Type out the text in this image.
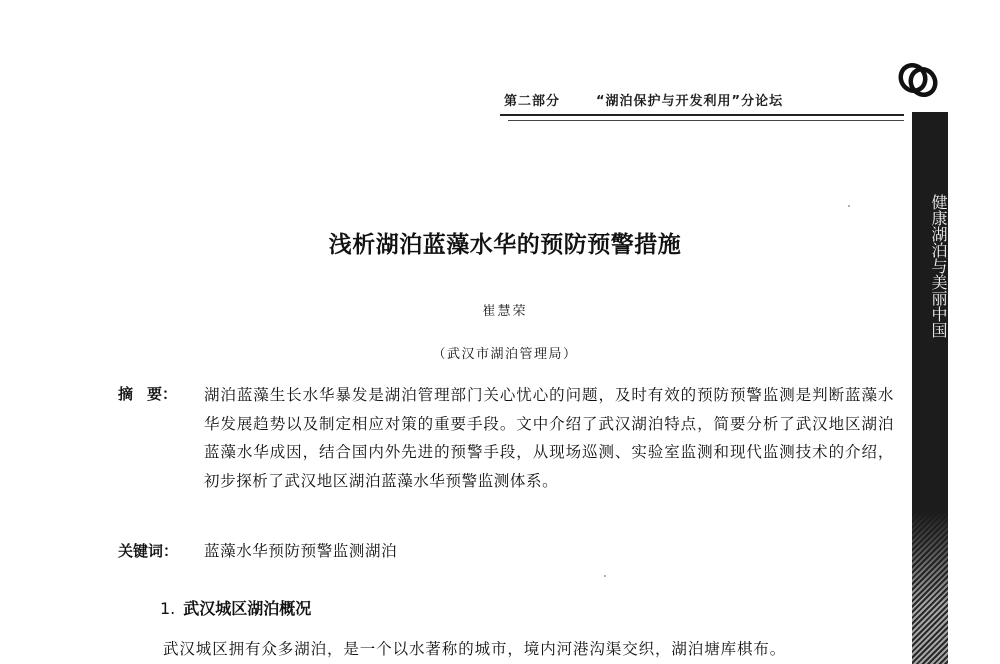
第二部分	“湖泊保护与开发利用”分论坛
健康湖泊与美丽中国
浅析湖泊蓝藻水华的预防预警措施
崔慧荣
（武汉市湖泊管理局）
摘 要： 湖泊蓝藻生长水华暴发是湖泊管理部门关心忧心的问题，及时有效的预防预警监测是判断蓝藻水华发展趋势以及制定相应对策的重要手段。文中介绍了武汉湖泊特点，简要分析了武汉地区湖泊蓝藻水华成因，结合国内外先进的预警手段，从现场巡测、实验室监测和现代监测技术的介绍，初步探析了武汉地区湖泊蓝藻水华预警监测体系。
关键词： 蓝藻水华预防预警监测湖泊
1. 武汉城区湖泊概况
武汉城区拥有众多湖泊，是一个以水著称的城市，境内河港沟渠交织，湖泊塘库棋布。
